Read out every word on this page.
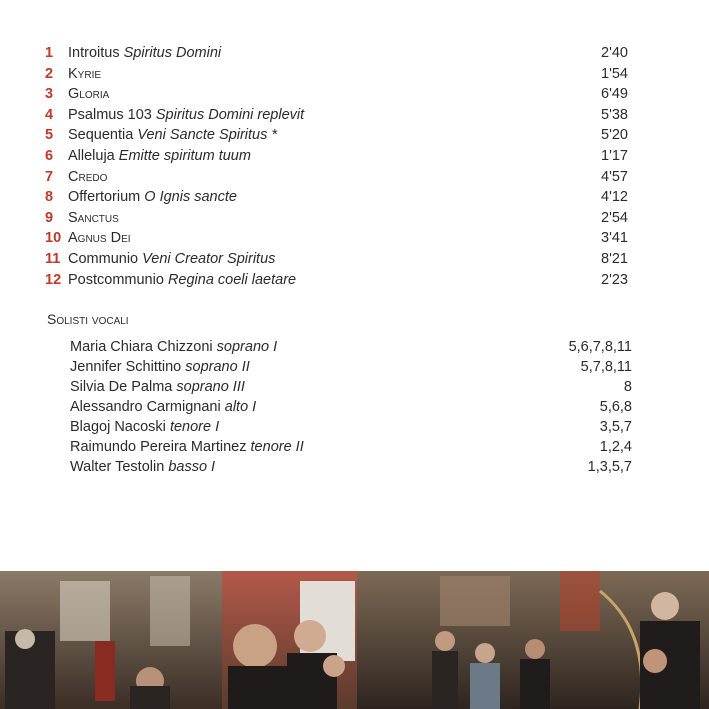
1	Introitus Spiritus Domini	2'40
2	Kyrie	1'54
3	Gloria	6'49
4	Psalmus 103 Spiritus Domini replevit	5'38
5	Sequentia Veni Sancte Spiritus *	5'20
6	Alleluja Emitte spiritum tuum	1'17
7	Credo	4'57
8	Offertorium O Ignis sancte	4'12
9	Sanctus	2'54
10 Agnus Dei	3'41
11 Communio Veni Creator Spiritus	8'21
12 Postcommunio Regina coeli laetare	2'23
Solisti vocali
Maria Chiara Chizzoni soprano I	5,6,7,8,11
Jennifer Schittino soprano II	5,7,8,11
Silvia De Palma soprano III	8
Alessandro Carmignani alto I	5,6,8
Blagoj Nacoski tenore I	3,5,7
Raimundo Pereira Martinez tenore II	1,2,4
Walter Testolin basso I	1,3,5,7
